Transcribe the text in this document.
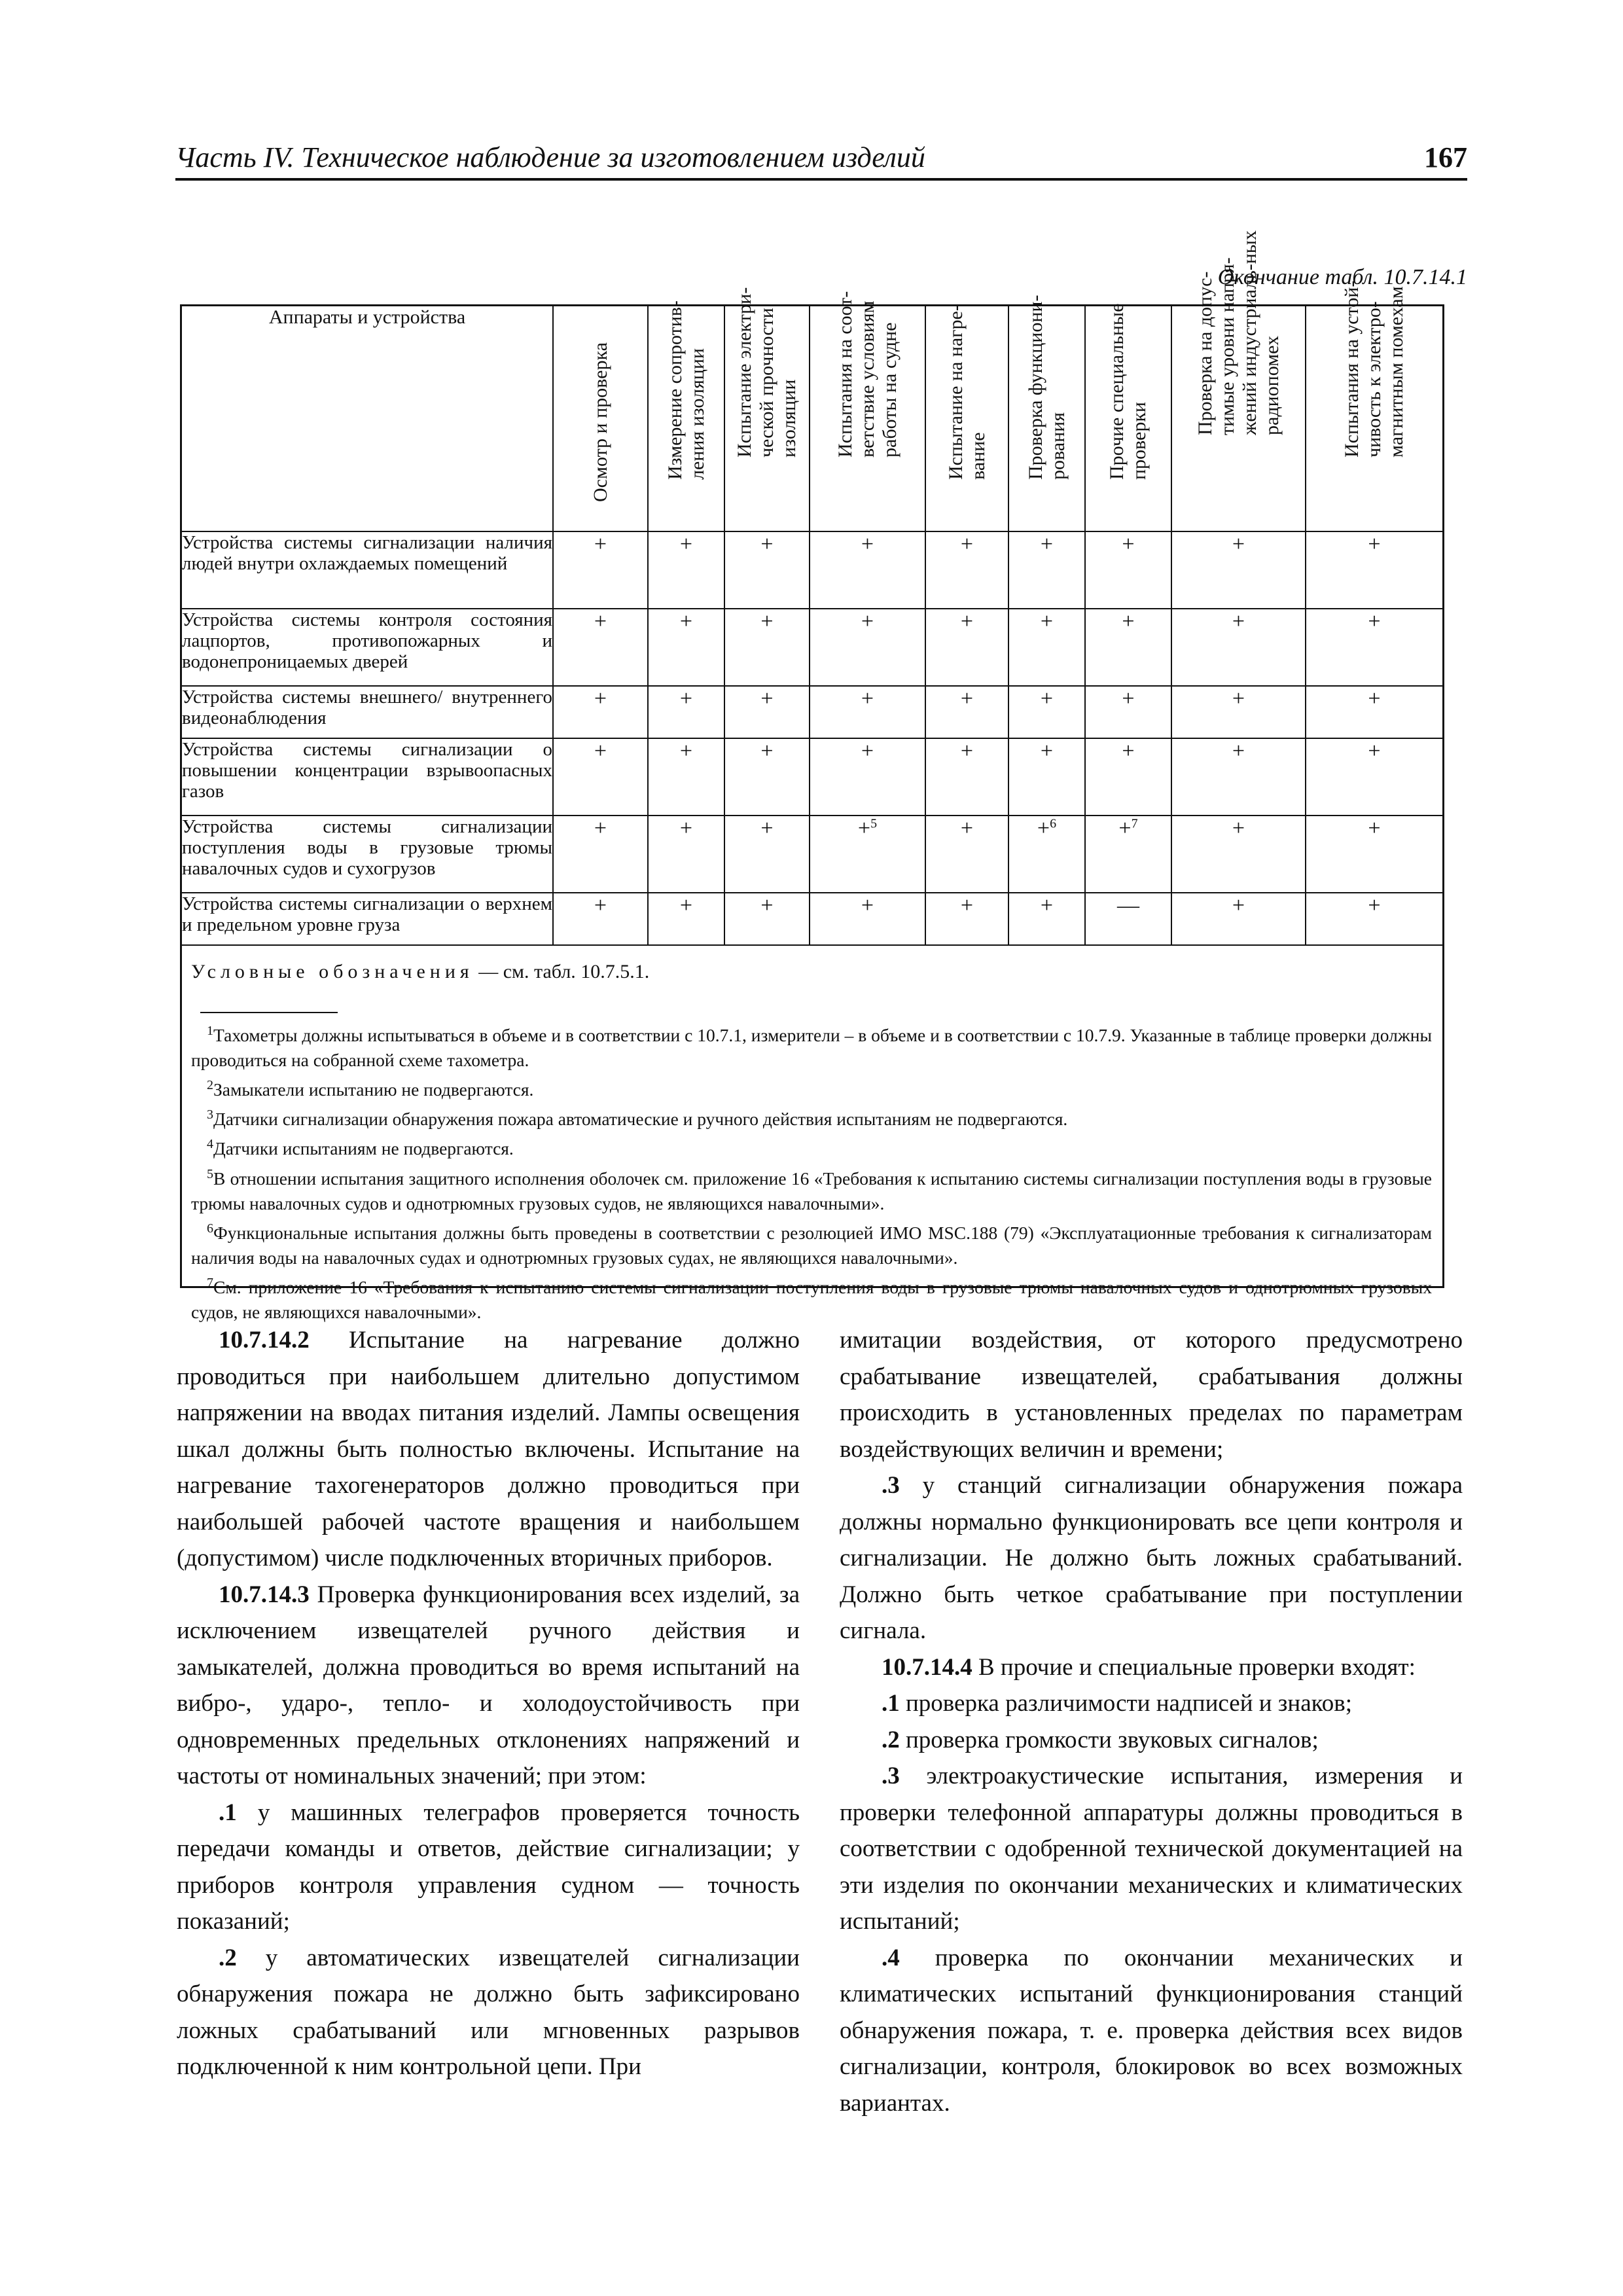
Часть IV. Техническое наблюдение за изготовлением изделий	167
Окончание табл. 10.7.14.1
Аппараты и устройства	Осмотр и проверка	Измерение сопротив-ления изоляции	Испытание электри-ческой прочности изоляции	Испытания на соот-ветствие условиям работы на судне	Испытание на нагре-вание	Проверка функциони-рования	Прочие специальные проверки	Проверка на допус-тимые уровни напря-жений индустриаль-ных радиопомех	Испытания на устой-чивость к электро-магнитным помехам

Устройства системы сигнализации наличия людей внутри охлаждаемых помещений	+	+	+	+	+	+	+	+	+
Устройства системы контроля состояния лацпортов, противопожарных и водонепроницаемых дверей	+	+	+	+	+	+	+	+	+
Устройства системы внешнего/ внутреннего видеонаблюдения	+	+	+	+	+	+	+	+	+
Устройства системы сигнализации о повышении концентрации взрывоопасных газов	+	+	+	+	+	+	+	+	+
Устройства системы сигнализации поступления воды в грузовые трюмы навалочных судов и сухогрузов	+	+	+	+$^5$	+	+$^6$	+$^7$	+	+
Устройства системы сигнализации о верхнем и предельном уровне груза	+	+	+	+	+	+	—	+	+
Условные обозначения — см. табл. 10.7.5.1.

$^1$Тахометры должны испытываться в объеме и в соответствии с 10.7.1, измерители – в объеме и в соответствии с 10.7.9. Указанные в таблице проверки должны проводиться на собранной схеме тахометра.

$^2$Замыкатели испытанию не подвергаются.

$^3$Датчики сигнализации обнаружения пожара автоматические и ручного действия испытаниям не подвергаются.

$^4$Датчики испытаниям не подвергаются.

$^5$В отношении испытания защитного исполнения оболочек см. приложение 16 «Требования к испытанию системы сигнализации поступления воды в грузовые трюмы навалочных судов и однотрюмных грузовых судов, не являющихся навалочными».

$^6$Функциональные испытания должны быть проведены в соответствии с резолюцией ИМО MSC.188 (79) «Эксплуатационные требования к сигнализаторам наличия воды на навалочных судах и однотрюмных грузовых судах, не являющихся навалочными».

$^7$См. приложение 16 «Требования к испытанию системы сигнализации поступления воды в грузовые трюмы навалочных судов и однотрюмных грузовых судов, не являющихся навалочными».

10.7.14.2 Испытание на нагревание должно проводиться при наибольшем длительно допустимом напряжении на вводах питания изделий. Лампы освещения шкал должны быть полностью включены. Испытание на нагревание тахогенераторов должно проводиться при наибольшей рабочей частоте вращения и наибольшем (допустимом) числе подключенных вторичных приборов.

10.7.14.3 Проверка функционирования всех изделий, за исключением извещателей ручного действия и замыкателей, должна проводиться во время испытаний на вибро-, ударо-, тепло- и холодоустойчивость при одновременных предельных отклонениях напряжений и частоты от номинальных значений; при этом:

.1 у машинных телеграфов проверяется точность передачи команды и ответов, действие сигнализации; у приборов контроля управления судном — точность показаний;

.2 у автоматических извещателей сигнализации обнаружения пожара не должно быть зафиксировано ложных срабатываний или мгновенных разрывов подключенной к ним контрольной цепи. При

имитации воздействия, от которого предусмотрено срабатывание извещателей, срабатывания должны происходить в установленных пределах по параметрам воздействующих величин и времени;

.3 у станций сигнализации обнаружения пожара должны нормально функционировать все цепи контроля и сигнализации. Не должно быть ложных срабатываний. Должно быть четкое срабатывание при поступлении сигнала.

10.7.14.4 В прочие и специальные проверки входят:

.1 проверка различимости надписей и знаков;

.2 проверка громкости звуковых сигналов;

.3 электроакустические испытания, измерения и проверки телефонной аппаратуры должны проводиться в соответствии с одобренной технической документацией на эти изделия по окончании механических и климатических испытаний;

.4 проверка по окончании механических и климатических испытаний функционирования станций обнаружения пожара, т. е. проверка действия всех видов сигнализации, контроля, блокировок во всех возможных вариантах.
